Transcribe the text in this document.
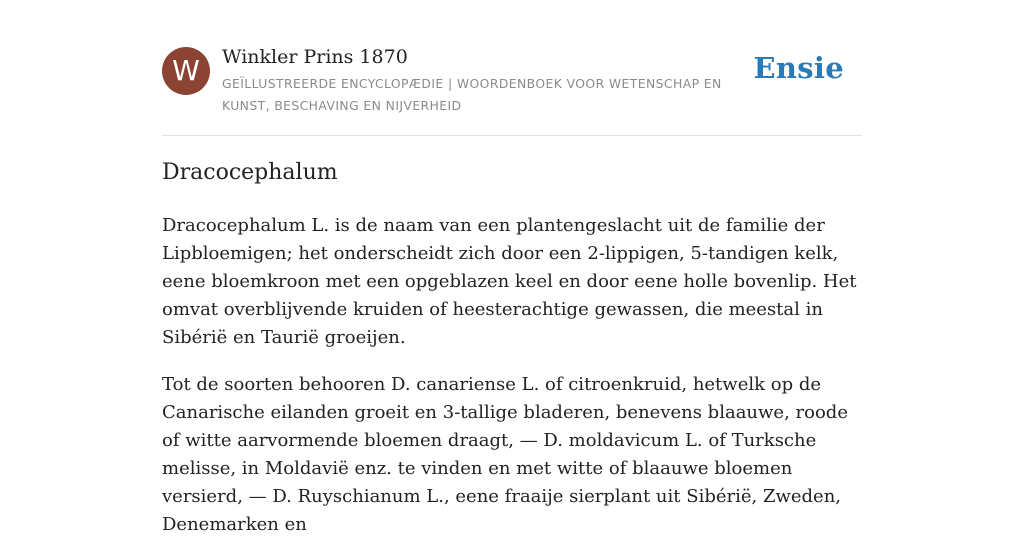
W	Winkler Prins 1870
GEÏLLUSTREERDE ENCYCLOPÆDIE | WOORDENBOEK VOOR WETENSCHAP EN KUNST, BESCHAVING EN NIJVERHEID
Ensie
Dracocephalum

Dracocephalum L. is de naam van een plantengeslacht uit de familie der Lipbloemigen; het onderscheidt zich door een 2-lippigen, 5-tandigen kelk, eene bloemkroon met een opgeblazen keel en door eene holle bovenlip. Het omvat overblijvende kruiden of heesterachtige gewassen, die meestal in Sibérië en Taurië groeijen.

Tot de soorten behooren D. canariense L. of citroenkruid, hetwelk op de Canarische eilanden groeit en 3-tallige bladeren, benevens blaauwe, roode of witte aarvormende bloemen draagt, — D. moldavicum L. of Turksche melisse, in Moldavië enz. te vinden en met witte of blaauwe bloemen versierd, — D. Ruyschianum L., eene fraaije sierplant uit Sibérië, Zweden, Denemarken en
